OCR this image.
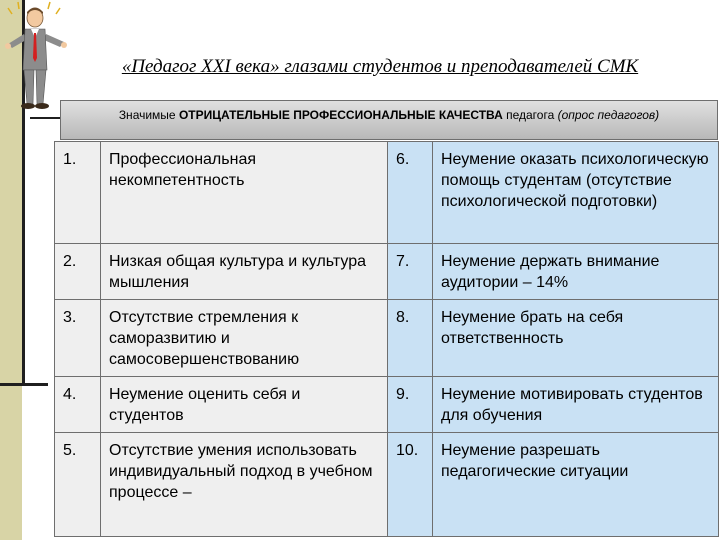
«Педагог XXI века» глазами студентов и преподавателей СМК
Значимые ОТРИЦАТЕЛЬНЫЕ ПРОФЕССИОНАЛЬНЫЕ КАЧЕСТВА педагога (опрос педагогов)
1.	Профессиональная некомпетентность	6.	Неумение оказать психологическую помощь студентам (отсутствие психологической подготовки)
2.	Низкая общая культура и культура мышления	7.	Неумение держать внимание аудитории – 14%
3.	Отсутствие стремления к саморазвитию и самосовершенствованию	8.	Неумение брать на себя ответственность
4.	Неумение оценить себя и студентов	9.	Неумение мотивировать студентов для обучения
5.	Отсутствие умения использовать индивидуальный подход в учебном процессе –	10.	Неумение разрешать педагогические ситуации
